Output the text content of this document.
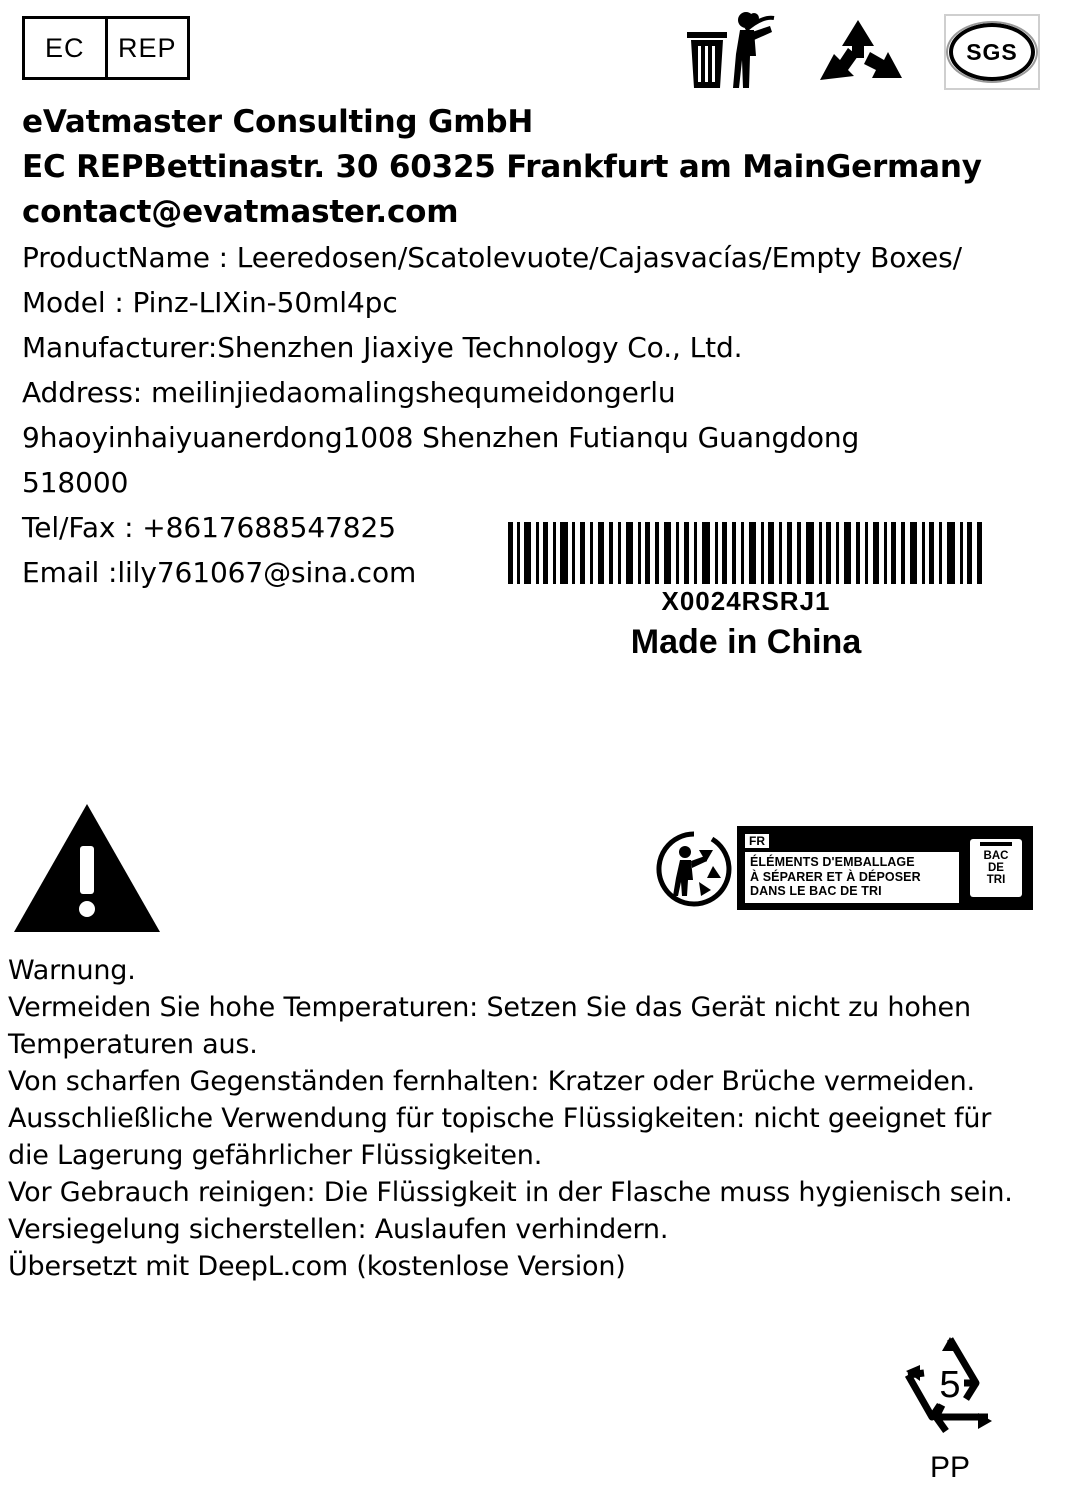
EC	REP	SGS
eVatmaster Consulting GmbH
EC REPBettinastr. 30 60325 Frankfurt am MainGermany
contact@evatmaster.com
ProductName : Leeredosen/Scatolevuote/Cajasvacías/Empty Boxes/
Model : Pinz-LIXin-50ml4pc
Manufacturer:Shenzhen Jiaxiye Technology Co., Ltd.
Address: meilinjiedaomalingshequmeidongerlu
9haoyinhaiyuanerdong1008 Shenzhen Futianqu Guangdong
518000
Tel/Fax : +8617688547825
Email :lily761067@sina.com
X0024RSRJ1
Made in China
FR
ÉLÉMENTS D'EMBALLAGE
À SÉPARER ET À DÉPOSER
DANS LE BAC DE TRI
BAC
DE
TRI
Warnung.
Vermeiden Sie hohe Temperaturen: Setzen Sie das Gerät nicht zu hohen
Temperaturen aus.
Von scharfen Gegenständen fernhalten: Kratzer oder Brüche vermeiden.
Ausschließliche Verwendung für topische Flüssigkeiten: nicht geeignet für
die Lagerung gefährlicher Flüssigkeiten.
Vor Gebrauch reinigen: Die Flüssigkeit in der Flasche muss hygienisch sein.
Versiegelung sicherstellen: Auslaufen verhindern.
Übersetzt mit DeepL.com (kostenlose Version)
5
PP
